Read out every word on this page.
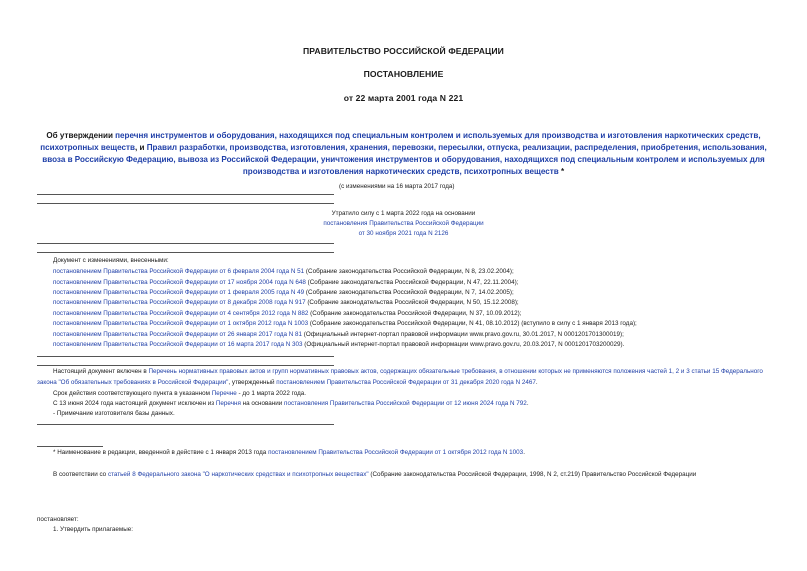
ПРАВИТЕЛЬСТВО РОССИЙСКОЙ ФЕДЕРАЦИИ
ПОСТАНОВЛЕНИЕ
от 22 марта 2001 года N 221
Об утверждении перечня инструментов и оборудования, находящихся под специальным контролем и используемых для производства и изготовления наркотических средств, психотропных веществ, и Правил разработки, производства, изготовления, хранения, перевозки, пересылки, отпуска, реализации, распределения, приобретения, использования, ввоза в Российскую Федерацию, вывоза из Российской Федерации, уничтожения инструментов и оборудования, находящихся под специальным контролем и используемых для производства и изготовления наркотических средств, психотропных веществ *
(с изменениями на 16 марта 2017 года)
Утратило силу с 1 марта 2022 года на основании
постановления Правительства Российской Федерации
от 30 ноября 2021 года N 2126
Документ с изменениями, внесенными:
постановлением Правительства Российской Федерации от 6 февраля 2004 года N 51 (Собрание законодательства Российской Федерации, N 8, 23.02.2004);
постановлением Правительства Российской Федерации от 17 ноября 2004 года N 648 (Собрание законодательства Российской Федерации, N 47, 22.11.2004);
постановлением Правительства Российской Федерации от 1 февраля 2005 года N 49 (Собрание законодательства Российской Федерации, N 7, 14.02.2005);
постановлением Правительства Российской Федерации от 8 декабря 2008 года N 917 (Собрание законодательства Российской Федерации, N 50, 15.12.2008);
постановлением Правительства Российской Федерации от 4 сентября 2012 года N 882 (Собрание законодательства Российской Федерации, N 37, 10.09.2012);
постановлением Правительства Российской Федерации от 1 октября 2012 года N 1003 (Собрание законодательства Российской Федерации, N 41, 08.10.2012) (вступило в силу с 1 января 2013 года);
постановлением Правительства Российской Федерации от 26 января 2017 года N 81 (Официальный интернет-портал правовой информации www.pravo.gov.ru, 30.01.2017, N 0001201701300019);
постановлением Правительства Российской Федерации от 16 марта 2017 года N 303 (Официальный интернет-портал правовой информации www.pravo.gov.ru, 20.03.2017, N 0001201703200029).
Настоящий документ включен в Перечень нормативных правовых актов и групп нормативных правовых актов, содержащих обязательные требования, в отношении которых не применяются положения частей 1, 2 и 3 статьи 15 Федерального закона "Об обязательных требованиях в Российской Федерации", утвержденный постановлением Правительства Российской Федерации от 31 декабря 2020 года N 2467.
Срок действия соответствующего пункта в указанном Перечне - до 1 марта 2022 года.
С 13 июня 2024 года настоящий документ исключен из Перечня на основании постановления Правительства Российской Федерации от 12 июня 2024 года N 792.
- Примечание изготовителя базы данных.
* Наименование в редакции, введенной в действие с 1 января 2013 года постановлением Правительства Российской Федерации от 1 октября 2012 года N 1003.
В соответствии со статьей 8 Федерального закона "О наркотических средствах и психотропных веществах" (Собрание законодательства Российской Федерации, 1998, N 2, ст.219) Правительство Российской Федерации
постановляет:
1. Утвердить прилагаемые:
